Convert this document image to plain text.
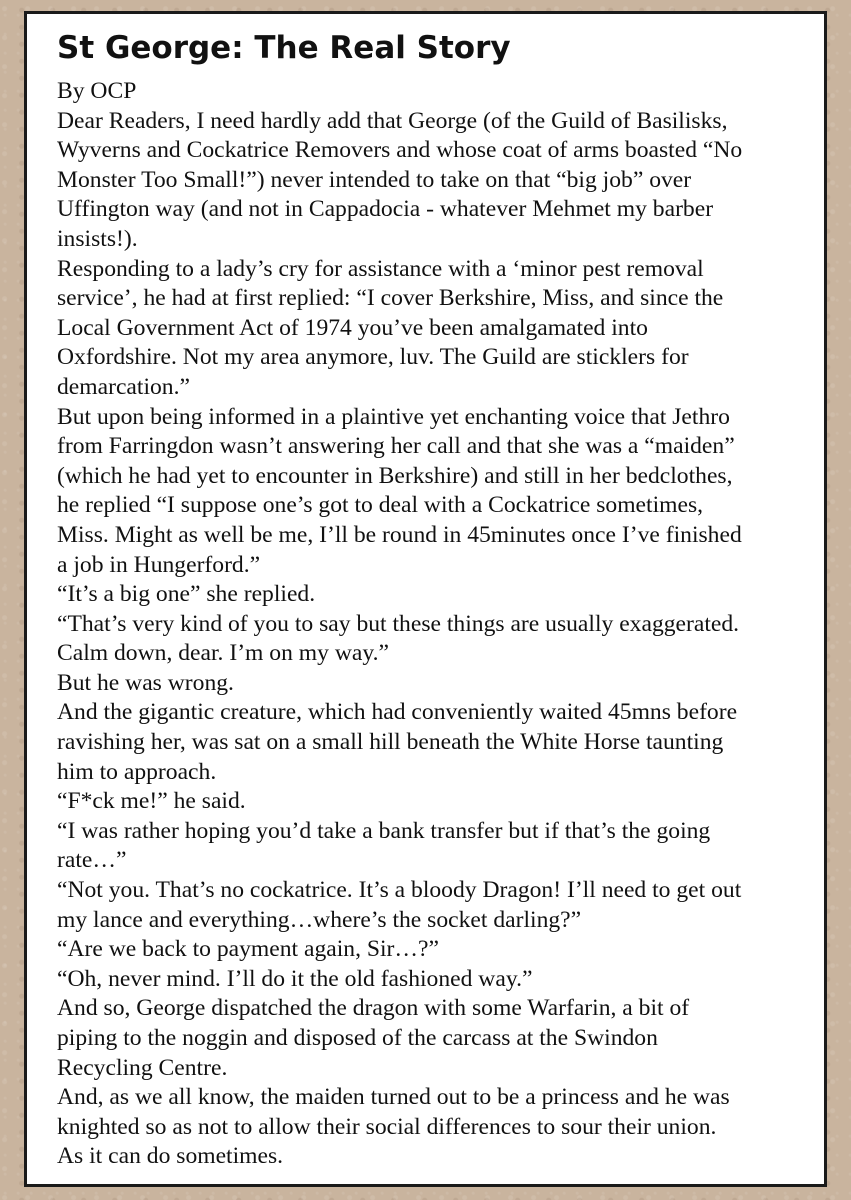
St George: The Real Story

By OCP

Dear Readers, I need hardly add that George (of the Guild of Basilisks,
Wyverns and Cockatrice Removers and whose coat of arms boasted “No
Monster Too Small!”) never intended to take on that “big job” over
Uffington way (and not in Cappadocia - whatever Mehmet my barber
insists!).
Responding to a lady’s cry for assistance with a ‘minor pest removal
service’, he had at first replied: “I cover Berkshire, Miss, and since the
Local Government Act of 1974 you’ve been amalgamated into
Oxfordshire. Not my area anymore, luv. The Guild are sticklers for
demarcation.”
But upon being informed in a plaintive yet enchanting voice that Jethro
from Farringdon wasn’t answering her call and that she was a “maiden”
(which he had yet to encounter in Berkshire) and still in her bedclothes,
he replied “I suppose one’s got to deal with a Cockatrice sometimes,
Miss. Might as well be me, I’ll be round in 45minutes once I’ve finished
a job in Hungerford.”
“It’s a big one” she replied.
“That’s very kind of you to say but these things are usually exaggerated.
Calm down, dear. I’m on my way.”
But he was wrong.
And the gigantic creature, which had conveniently waited 45mns before
ravishing her, was sat on a small hill beneath the White Horse taunting
him to approach.
“F*ck me!” he said.
“I was rather hoping you’d take a bank transfer but if that’s the going
rate…”
“Not you. That’s no cockatrice. It’s a bloody Dragon! I’ll need to get out
my lance and everything…where’s the socket darling?”
“Are we back to payment again, Sir…?”
“Oh, never mind. I’ll do it the old fashioned way.”
And so, George dispatched the dragon with some Warfarin, a bit of
piping to the noggin and disposed of the carcass at the Swindon
Recycling Centre.
And, as we all know, the maiden turned out to be a princess and he was
knighted so as not to allow their social differences to sour their union.
As it can do sometimes.
